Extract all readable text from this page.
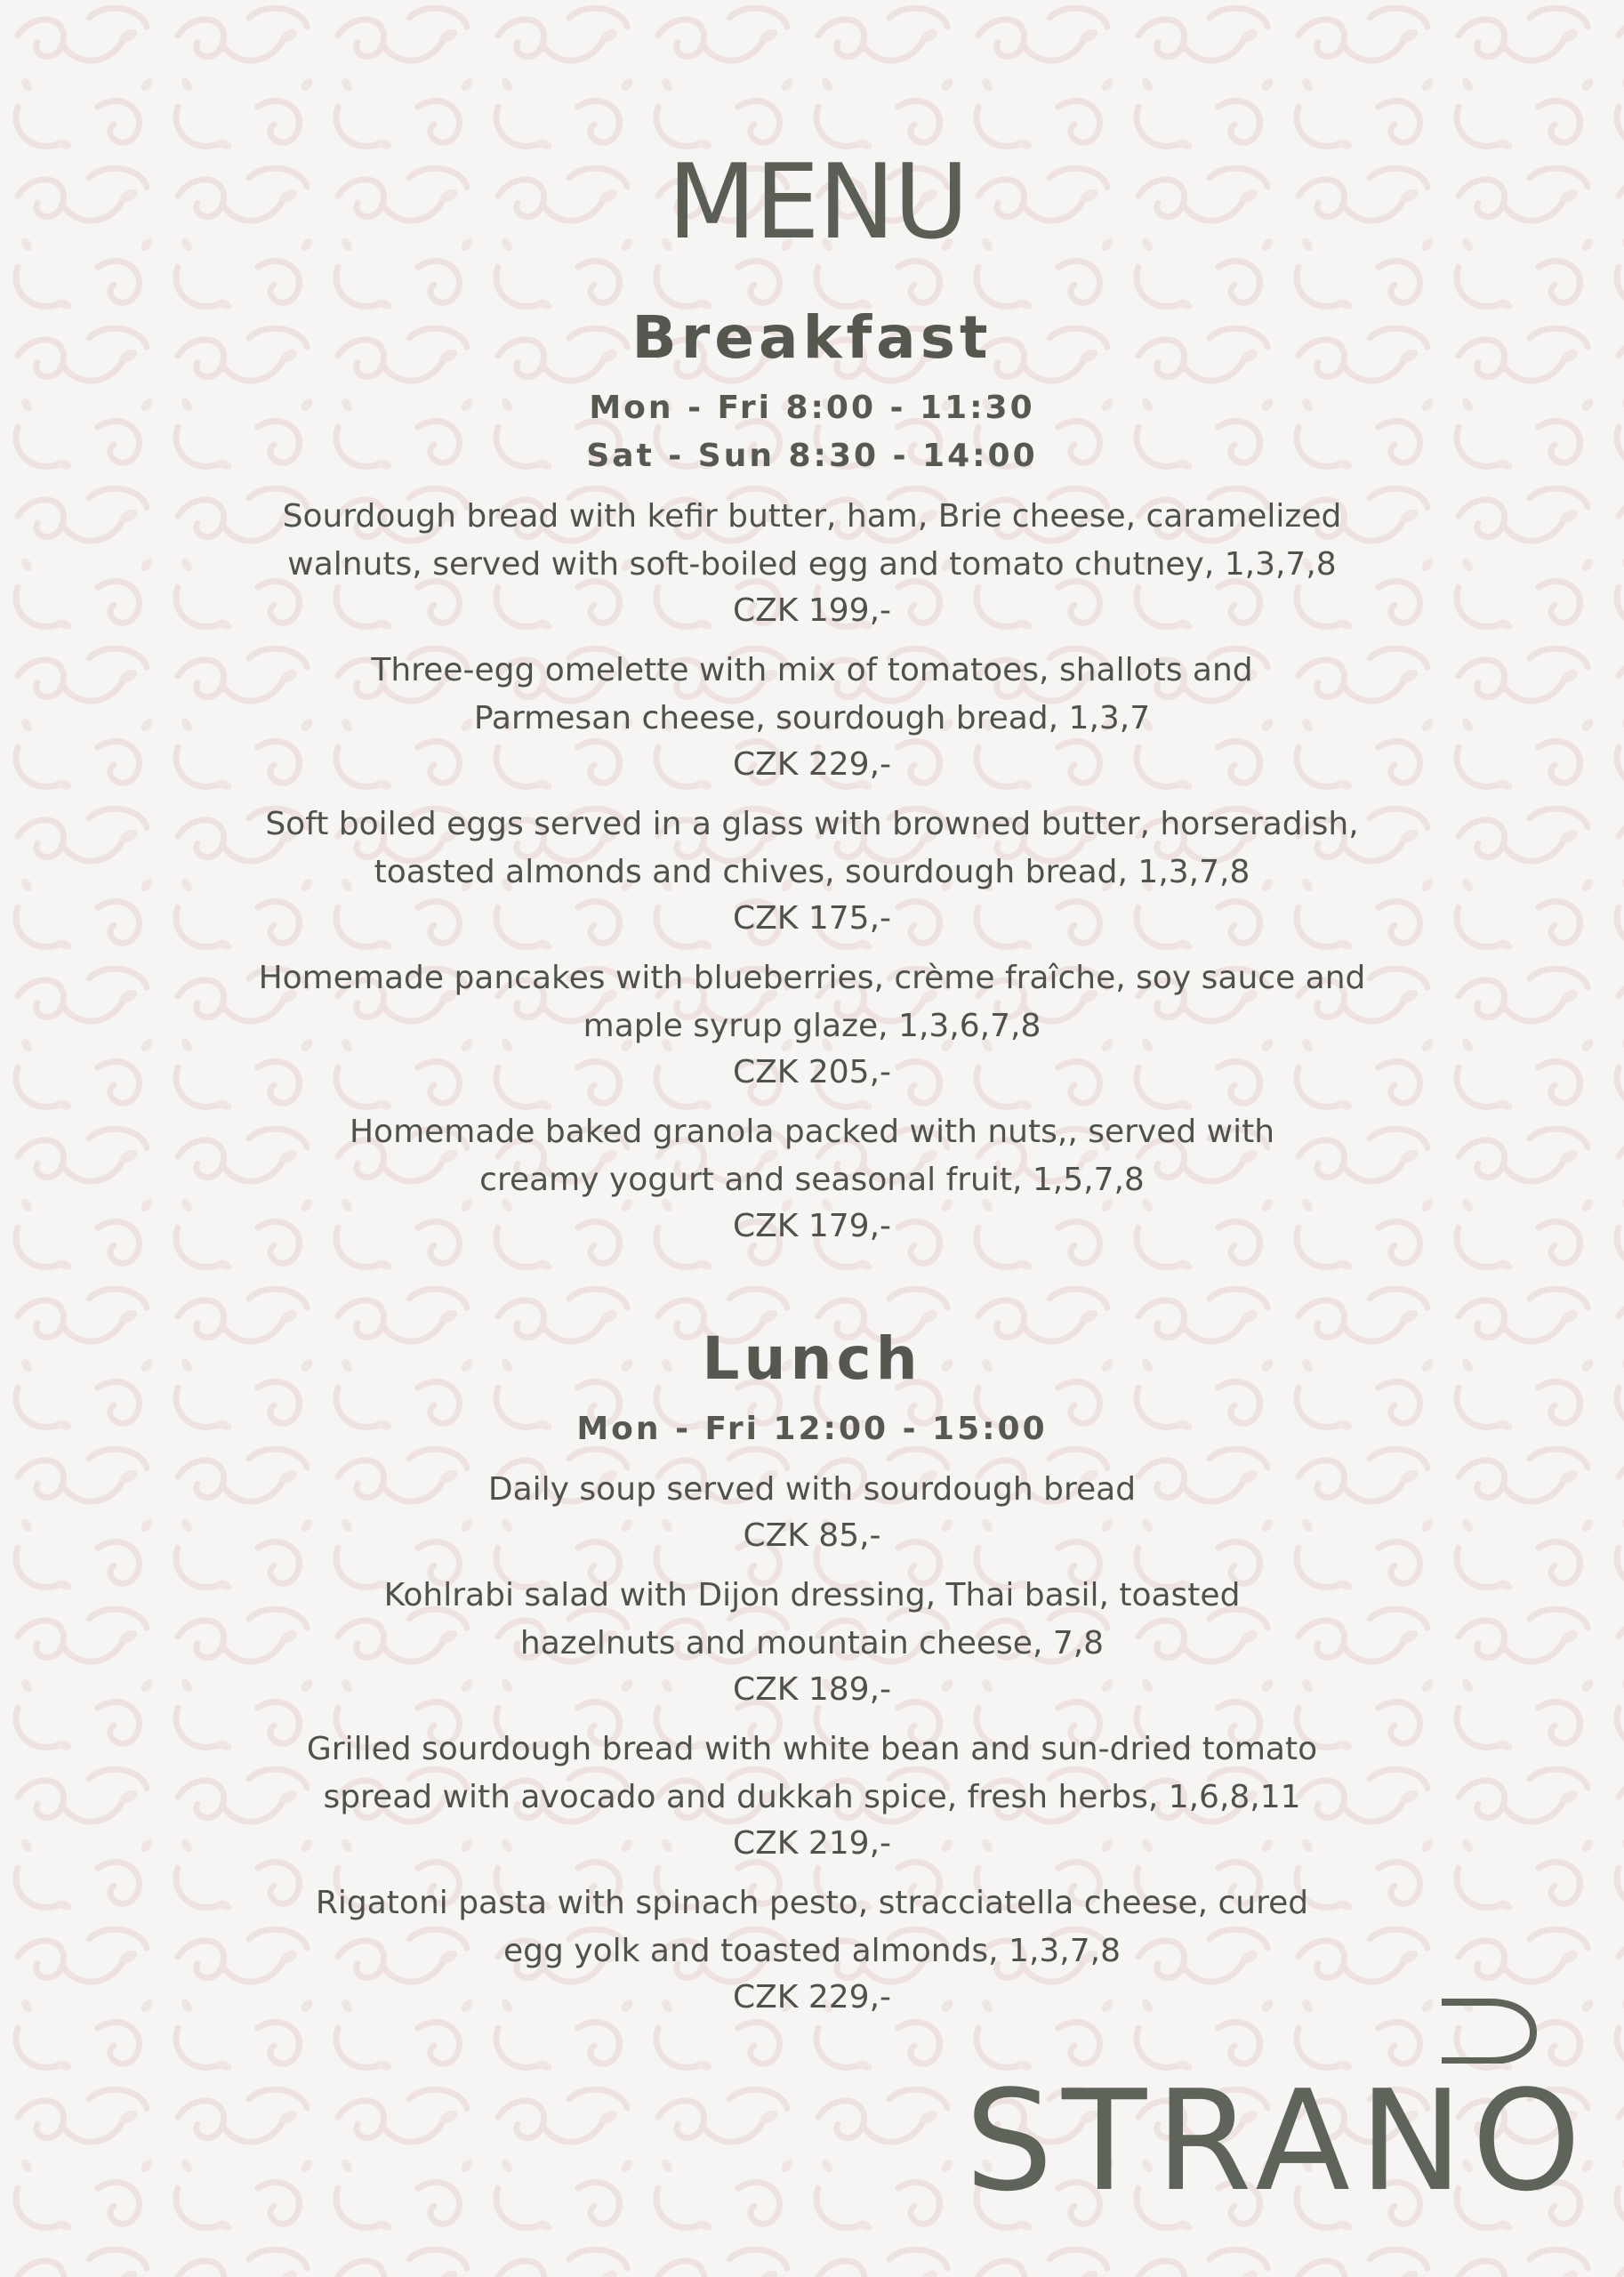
MENU
Breakfast
Mon - Fri 8:00 - 11:30
Sat - Sun 8:30 - 14:00
Sourdough bread with kefir butter, ham, Brie cheese, caramelized
walnuts, served with soft-boiled egg and tomato chutney, 1,3,7,8
CZK 199,-
Three-egg omelette with mix of tomatoes, shallots and
Parmesan cheese, sourdough bread, 1,3,7
CZK 229,-
Soft boiled eggs served in a glass with browned butter, horseradish,
toasted almonds and chives, sourdough bread, 1,3,7,8
CZK 175,-
Homemade pancakes with blueberries, crème fraîche, soy sauce and
maple syrup glaze, 1,3,6,7,8
CZK 205,-
Homemade baked granola packed with nuts,, served with
creamy yogurt and seasonal fruit, 1,5,7,8
CZK 179,-
Lunch
Mon - Fri 12:00 - 15:00
Daily soup served with sourdough bread
CZK 85,-
Kohlrabi salad with Dijon dressing, Thai basil, toasted
hazelnuts and mountain cheese, 7,8
CZK 189,-
Grilled sourdough bread with white bean and sun-dried tomato
spread with avocado and dukkah spice, fresh herbs, 1,6,8,11
CZK 219,-
Rigatoni pasta with spinach pesto, stracciatella cheese, cured
egg yolk and toasted almonds, 1,3,7,8
CZK 229,-
STRANO
